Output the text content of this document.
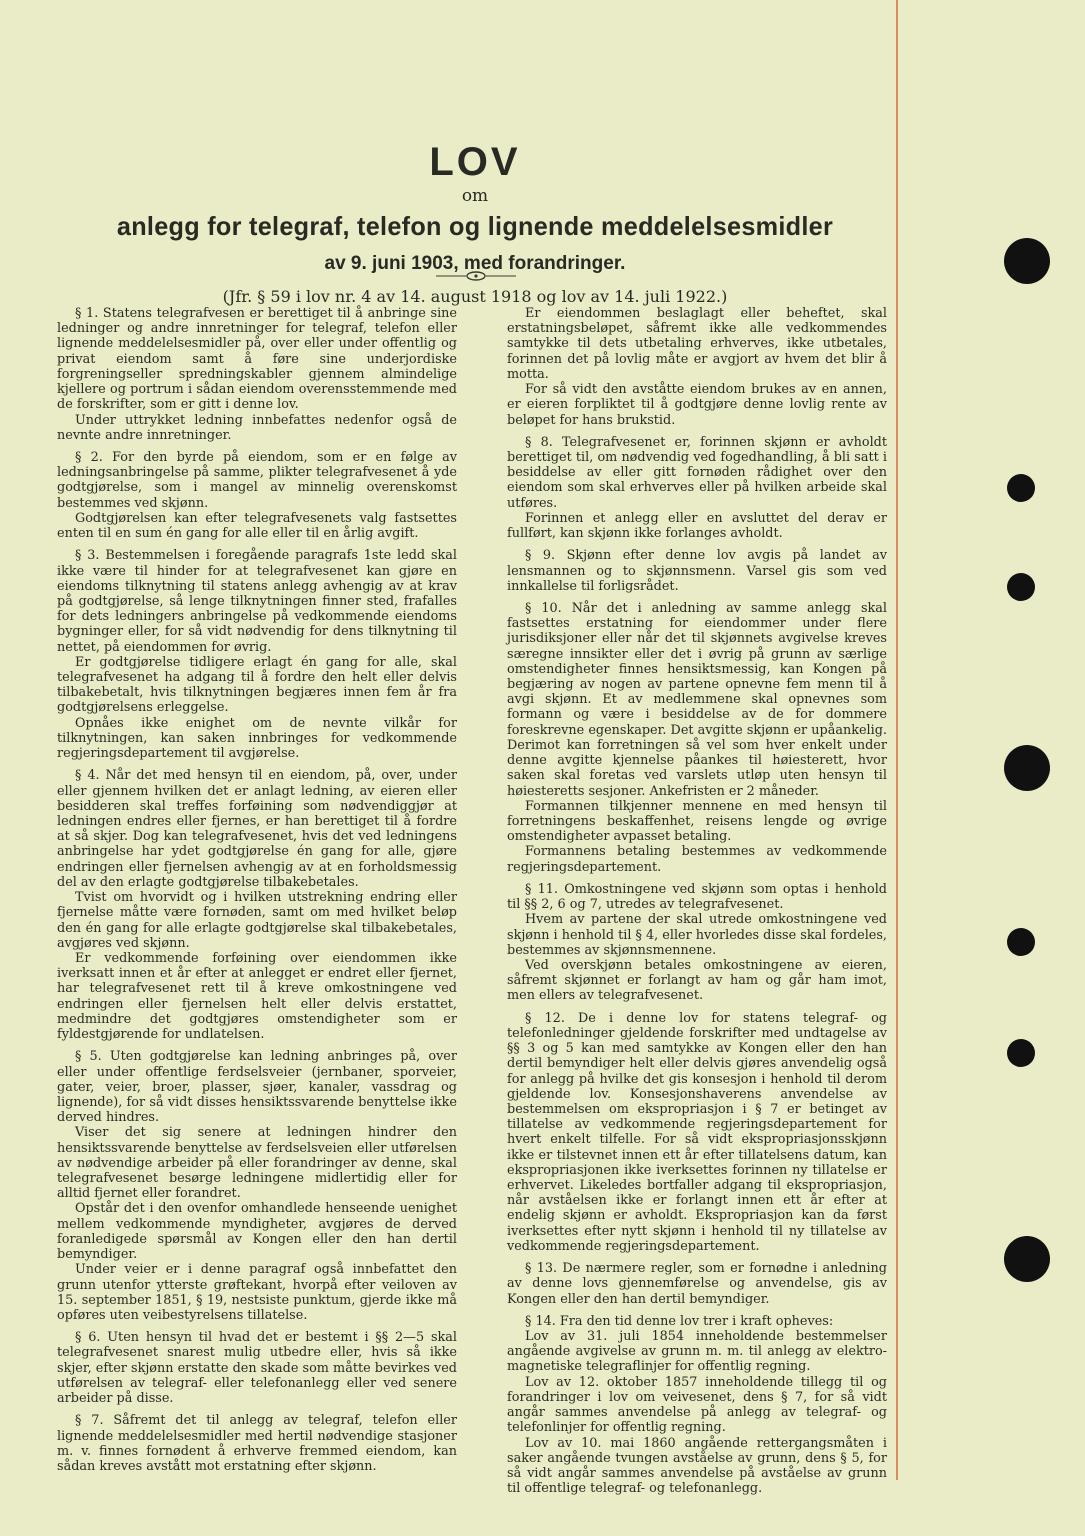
LOV

om

anlegg for telegraf, telefon og lignende meddelelsesmidler

av 9. juni 1903, med forandringer.

(Jfr. § 59 i lov nr. 4 av 14. august 1918 og lov av 14. juli 1922.)

§ 1. Statens telegrafvesen er berettiget til å anbringe sine ledninger og andre innretninger for telegraf, telefon eller lignende meddelelsesmidler på, over eller under offentlig og privat eiendom samt å føre sine underjordiske forgreningseller spredningskabler gjennem almindelige kjellere og portrum i sådan eiendom overensstemmende med de forskrifter, som er gitt i denne lov.

Under uttrykket ledning innbefattes nedenfor også de nevnte andre innretninger.

§ 2. For den byrde på eiendom, som er en følge av ledningsanbringelse på samme, plikter telegrafvesenet å yde godtgjørelse, som i mangel av minnelig overenskomst bestemmes ved skjønn.

Godtgjørelsen kan efter telegrafvesenets valg fastsettes enten til en sum én gang for alle eller til en årlig avgift.

§ 3. Bestemmelsen i foregående paragrafs 1ste ledd skal ikke være til hinder for at telegrafvesenet kan gjøre en eiendoms tilknytning til statens anlegg avhengig av at krav på godtgjørelse, så lenge tilknytningen finner sted, frafalles for dets ledningers anbringelse på vedkommende eiendoms bygninger eller, for så vidt nødvendig for dens tilknytning til nettet, på eiendommen for øvrig.

Er godtgjørelse tidligere erlagt én gang for alle, skal telegrafvesenet ha adgang til å fordre den helt eller delvis tilbakebetalt, hvis tilknytningen begjæres innen fem år fra godtgjørelsens erleggelse.

Opnåes ikke enighet om de nevnte vilkår for tilknytningen, kan saken innbringes for vedkommende regjeringsdepartement til avgjørelse.

§ 4. Når det med hensyn til en eiendom, på, over, under eller gjennem hvilken det er anlagt ledning, av eieren eller besidderen skal treffes forføining som nødvendiggjør at ledningen endres eller fjernes, er han berettiget til å fordre at så skjer. Dog kan telegrafvesenet, hvis det ved ledningens anbringelse har ydet godtgjørelse én gang for alle, gjøre endringen eller fjernelsen avhengig av at en forholdsmessig del av den erlagte godtgjørelse tilbakebetales.

Tvist om hvorvidt og i hvilken utstrekning endring eller fjernelse måtte være fornøden, samt om med hvilket beløp den én gang for alle erlagte godtgjørelse skal tilbakebetales, avgjøres ved skjønn.

Er vedkommende forføining over eiendommen ikke iverksatt innen et år efter at anlegget er endret eller fjernet, har telegrafvesenet rett til å kreve omkostningene ved endringen eller fjernelsen helt eller delvis erstattet, medmindre det godtgjøres omstendigheter som er fyldestgjørende for undlatelsen.

§ 5. Uten godtgjørelse kan ledning anbringes på, over eller under offentlige ferdselsveier (jernbaner, sporveier, gater, veier, broer, plasser, sjøer, kanaler, vassdrag og lignende), for så vidt disses hensiktssvarende benyttelse ikke derved hindres.

Viser det sig senere at ledningen hindrer den hensiktssvarende benyttelse av ferdselsveien eller utførelsen av nødvendige arbeider på eller forandringer av denne, skal telegrafvesenet besørge ledningene midlertidig eller for alltid fjernet eller forandret.

Opstår det i den ovenfor omhandlede henseende uenighet mellem vedkommende myndigheter, avgjøres de derved foranledigede spørsmål av Kongen eller den han dertil bemyndiger.

Under veier er i denne paragraf også innbefattet den grunn utenfor ytterste grøftekant, hvorpå efter veiloven av 15. september 1851, § 19, nestsiste punktum, gjerde ikke må opføres uten veibestyrelsens tillatelse.

§ 6. Uten hensyn til hvad det er bestemt i §§ 2—5 skal telegrafvesenet snarest mulig utbedre eller, hvis så ikke skjer, efter skjønn erstatte den skade som måtte bevirkes ved utførelsen av telegraf- eller telefonanlegg eller ved senere arbeider på disse.

§ 7. Såfremt det til anlegg av telegraf, telefon eller lignende meddelelsesmidler med hertil nødvendige stasjoner m. v. finnes fornødent å erhverve fremmed eiendom, kan sådan kreves avstått mot erstatning efter skjønn.

Er eiendommen beslaglagt eller beheftet, skal erstatningsbeløpet, såfremt ikke alle vedkommendes samtykke til dets utbetaling erhverves, ikke utbetales, forinnen det på lovlig måte er avgjort av hvem det blir å motta.

For så vidt den avståtte eiendom brukes av en annen, er eieren forpliktet til å godtgjøre denne lovlig rente av beløpet for hans brukstid.

§ 8. Telegrafvesenet er, forinnen skjønn er avholdt berettiget til, om nødvendig ved fogedhandling, å bli satt i besiddelse av eller gitt fornøden rådighet over den eiendom som skal erhverves eller på hvilken arbeide skal utføres.

Forinnen et anlegg eller en avsluttet del derav er fullført, kan skjønn ikke forlanges avholdt.

§ 9. Skjønn efter denne lov avgis på landet av lensmannen og to skjønnsmenn. Varsel gis som ved innkallelse til forligsrådet.

§ 10. Når det i anledning av samme anlegg skal fastsettes erstatning for eiendommer under flere jurisdiksjoner eller når det til skjønnets avgivelse kreves særegne innsikter eller det i øvrig på grunn av særlige omstendigheter finnes hensiktsmessig, kan Kongen på begjæring av nogen av partene opnevne fem menn til å avgi skjønn. Et av medlemmene skal opnevnes som formann og være i besiddelse av de for dommere foreskrevne egenskaper. Det avgitte skjønn er upåankelig. Derimot kan forretningen så vel som hver enkelt under denne avgitte kjennelse påankes til høiesterett, hvor saken skal foretas ved varslets utløp uten hensyn til høiesteretts sesjoner. Ankefristen er 2 måneder.

Formannen tilkjenner mennene en med hensyn til forretningens beskaffenhet, reisens lengde og øvrige omstendigheter avpasset betaling.

Formannens betaling bestemmes av vedkommende regjeringsdepartement.

§ 11. Omkostningene ved skjønn som optas i henhold til §§ 2, 6 og 7, utredes av telegrafvesenet.

Hvem av partene der skal utrede omkostningene ved skjønn i henhold til § 4, eller hvorledes disse skal fordeles, bestemmes av skjønnsmennene.

Ved overskjønn betales omkostningene av eieren, såfremt skjønnet er forlangt av ham og går ham imot, men ellers av telegrafvesenet.

§ 12. De i denne lov for statens telegraf- og telefonledninger gjeldende forskrifter med undtagelse av §§ 3 og 5 kan med samtykke av Kongen eller den han dertil bemyndiger helt eller delvis gjøres anvendelig også for anlegg på hvilke det gis konsesjon i henhold til derom gjeldende lov. Konsesjonshaverens anvendelse av bestemmelsen om ekspropriasjon i § 7 er betinget av tillatelse av vedkommende regjeringsdepartement for hvert enkelt tilfelle. For så vidt ekspropriasjonsskjønn ikke er tilstevnet innen ett år efter tillatelsens datum, kan ekspropriasjonen ikke iverksettes forinnen ny tillatelse er erhvervet. Likeledes bortfaller adgang til ekspropriasjon, når avståelsen ikke er forlangt innen ett år efter at endelig skjønn er avholdt. Ekspropriasjon kan da først iverksettes efter nytt skjønn i henhold til ny tillatelse av vedkommende regjeringsdepartement.

§ 13. De nærmere regler, som er fornødne i anledning av denne lovs gjennemførelse og anvendelse, gis av Kongen eller den han dertil bemyndiger.

§ 14. Fra den tid denne lov trer i kraft opheves:

Lov av 31. juli 1854 inneholdende bestemmelser angående avgivelse av grunn m. m. til anlegg av elektro-magnetiske telegraflinjer for offentlig regning.

Lov av 12. oktober 1857 inneholdende tillegg til og forandringer i lov om veivesenet, dens § 7, for så vidt angår sammes anvendelse på anlegg av telegraf- og telefonlinjer for offentlig regning.

Lov av 10. mai 1860 angående rettergangsmåten i saker angående tvungen avståelse av grunn, dens § 5, for så vidt angår sammes anvendelse på avståelse av grunn til offentlige telegraf- og telefonanlegg.
